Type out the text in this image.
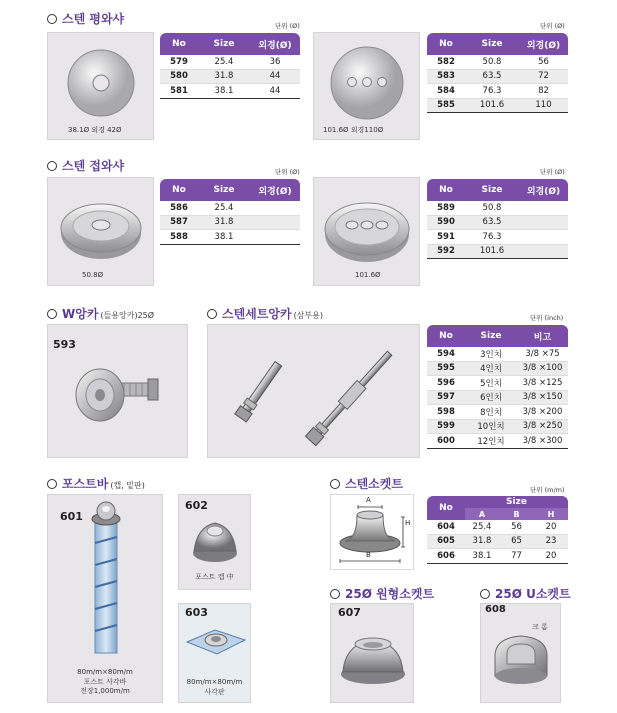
스텐 평와샤
38.1Ø 외경 42Ø
단위 (Ø)
No	Size	외경(Ø)
579	25.4	36
580	31.8	44
581	38.1	44
101.6Ø 외경110Ø
단위 (Ø)
No	Size	외경(Ø)
582	50.8	56
583	63.5	72
584	76.3	82
585	101.6	110
스텐 접와샤
50.8Ø
단위 (Ø)
No	Size	외경(Ø)
586	25.4	
587	31.8	
588	38.1	
101.6Ø
단위 (Ø)
No	Size	외경(Ø)
589	50.8	
590	63.5	
591	76.3	
592	101.6	
W앙카 (들용앙카)25Ø
593
스텐세트앙카 (삼부용)	단위 (inch)
No	Size	비고
594	3인치	3/8 ×75
595	4인치	3/8 ×100
596	5인치	3/8 ×125
597	6인치	3/8 ×150
598	8인치	3/8 ×200
599	10인치	3/8 ×250
600	12인치	3/8 ×300
포스트바 (캡, 밑판)
601
80m/m×80m/m
포스트 사각바
전장1,000m/m
602
포스트 캡 中
603
80m/m×80m/m
사각판
스텐소켓트
A
H
B
단위 (m/m)
No	Size		
	A	B	H
604	25.4	56	20
605	31.8	65	23
606	38.1	77	20
25Ø 원형소켓트
607
25Ø U소켓트
608
크 롬
